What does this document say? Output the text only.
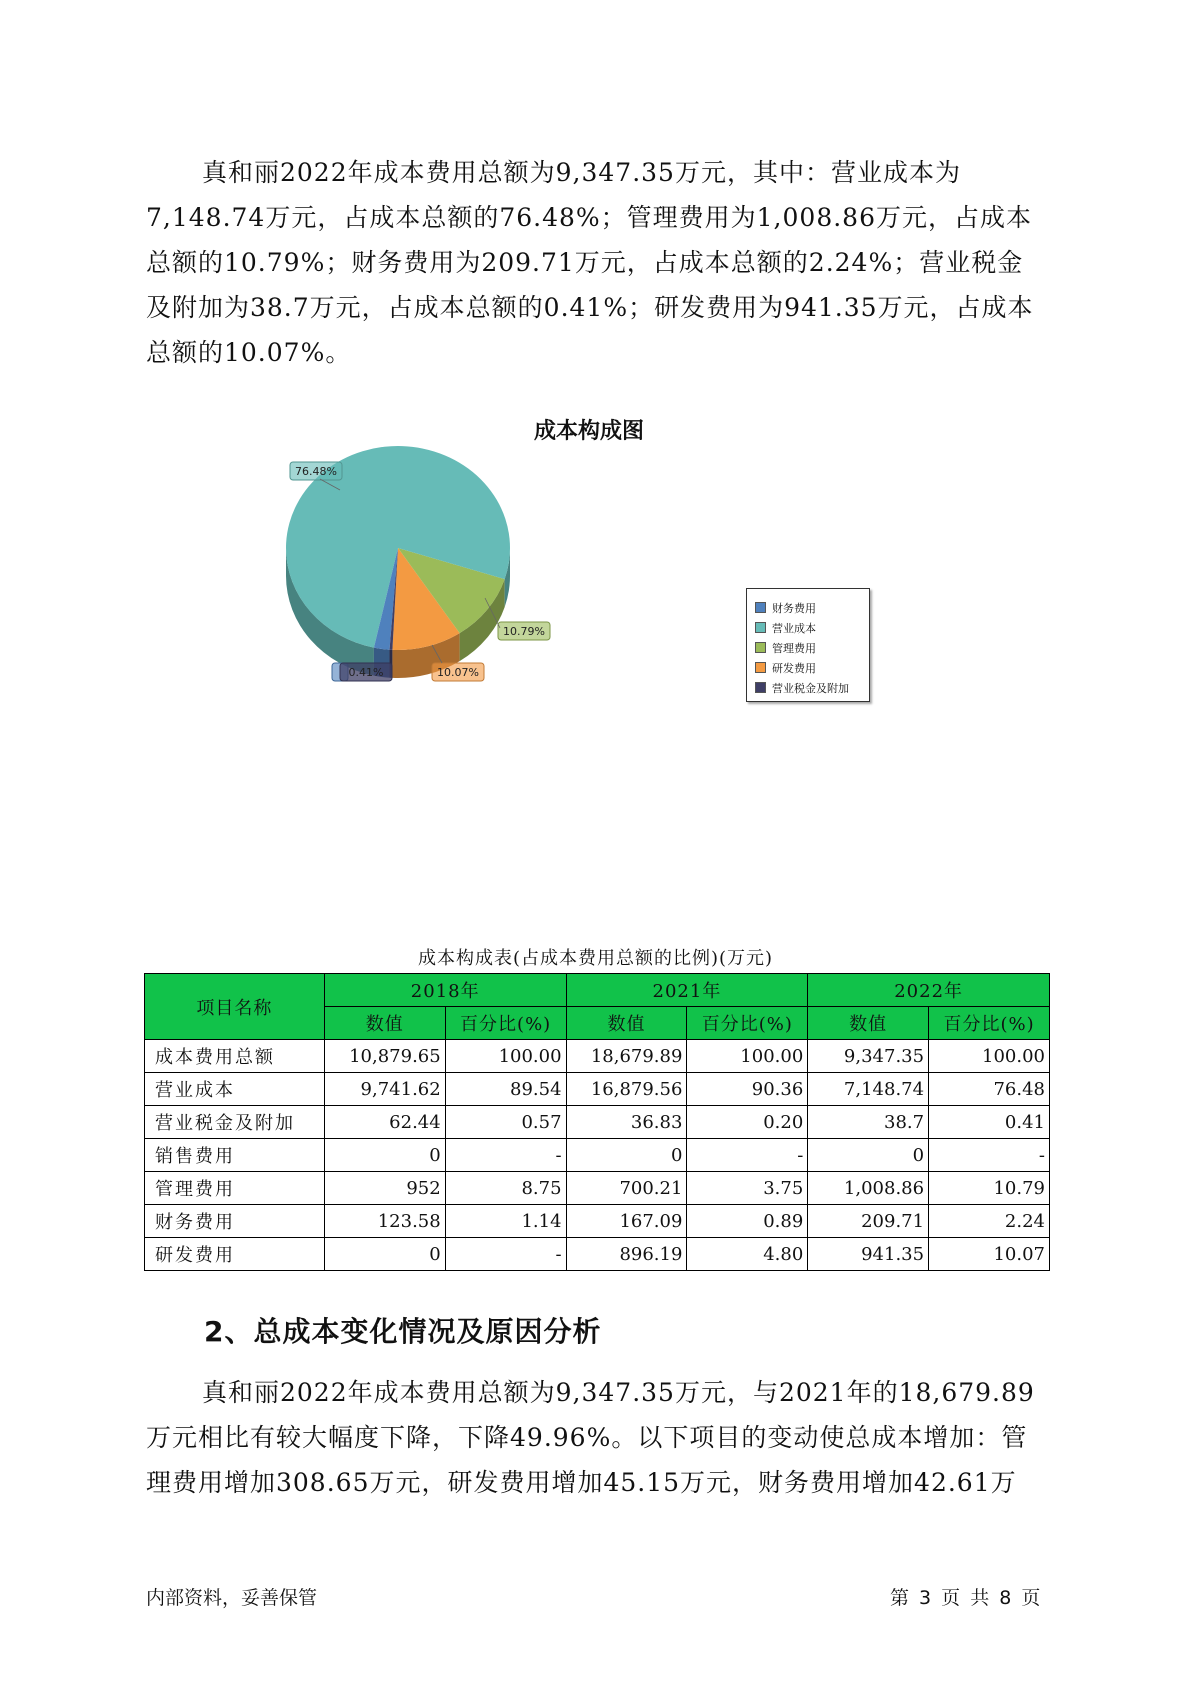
真和丽2022年成本费用总额为9,347.35万元，其中：营业成本为7,148.74万元，占成本总额的76.48%；管理费用为1,008.86万元，占成本总额的10.79%；财务费用为209.71万元，占成本总额的2.24%；营业税金及附加为38.7万元，占成本总额的0.41%；研发费用为941.35万元，占成本总额的10.07%。

成本构成图
76.48%
10.79%
10.07%
0.41%
财务费用
营业成本
管理费用
研发费用
营业税金及附加
成本构成表(占成本费用总额的比例)(万元)
项目名称	2018年		2021年		2022年	
	数值	百分比(%)	数值	百分比(%)	数值	百分比(%)
成本费用总额	10,879.65	100.00	18,679.89	100.00	9,347.35	100.00
营业成本	9,741.62	89.54	16,879.56	90.36	7,148.74	76.48
营业税金及附加	62.44	0.57	36.83	0.20	38.7	0.41
销售费用	0	-	0	-	0	-
管理费用	952	8.75	700.21	3.75	1,008.86	10.79
财务费用	123.58	1.14	167.09	0.89	209.71	2.24
研发费用	0	-	896.19	4.80	941.35	10.07
2、总成本变化情况及原因分析

真和丽2022年成本费用总额为9,347.35万元，与2021年的18,679.89万元相比有较大幅度下降，下降49.96%。以下项目的变动使总成本增加：管理费用增加308.65万元，研发费用增加45.15万元，财务费用增加42.61万

内部资料，妥善保管	第 3 页 共 8 页
